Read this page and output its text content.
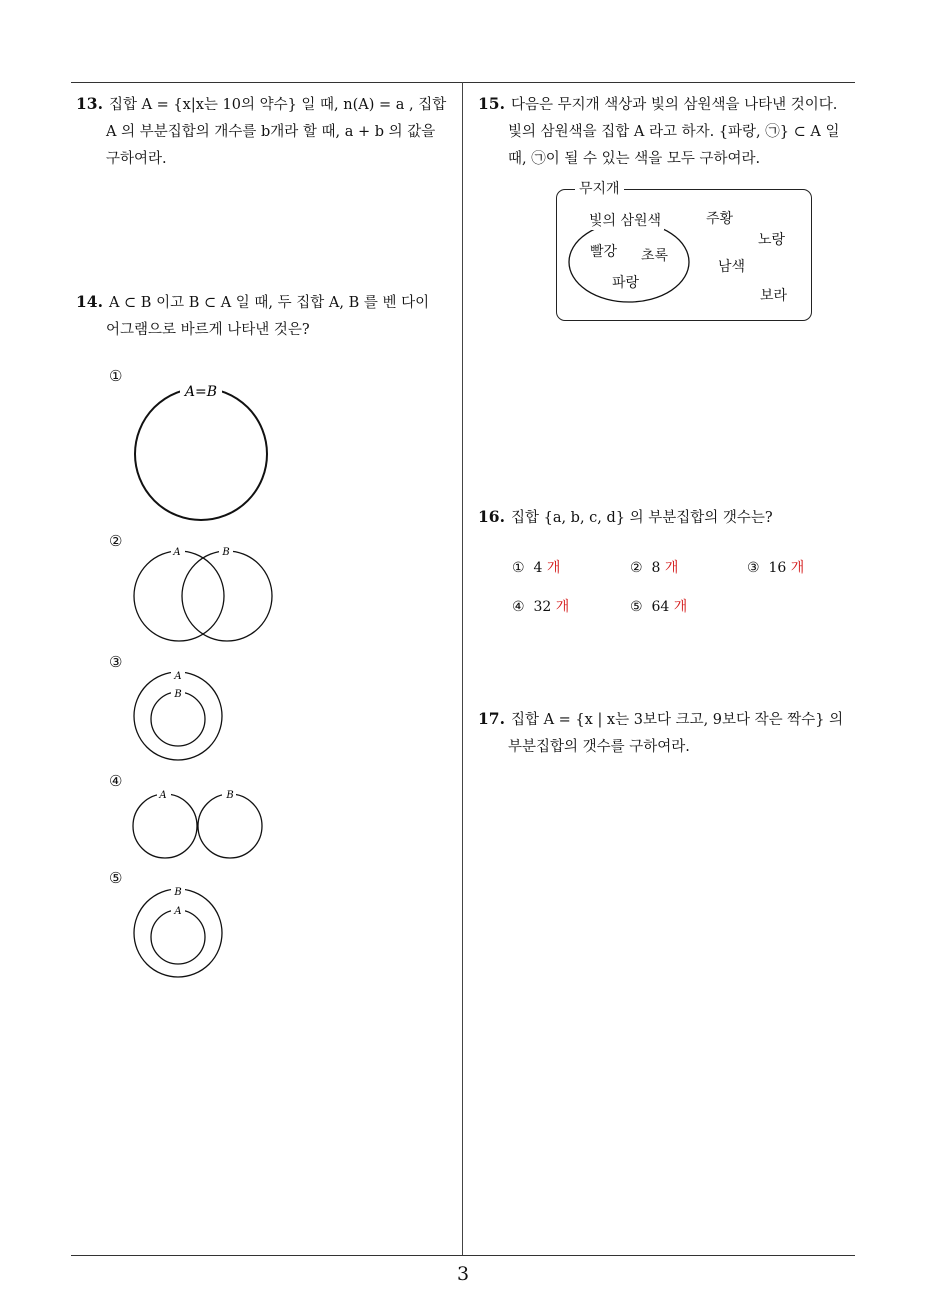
3
13. 집합 A = {x|x는 10의 약수} 일 때, n(A) = a , 집합
A 의 부분집합의 개수를 b개라 할 때, a + b 의 값을
구하여라.
14. A ⊂ B 이고 B ⊂ A 일 때, 두 집합 A, B 를 벤 다이
어그램으로 바르게 나타낸 것은?
①
A=B
②
A	B
③
A
B
④
A	B
⑤
B
A
15. 다음은 무지개 색상과 빛의 삼원색을 나타낸 것이다.
빛의 삼원색을 집합 A 라고 하자. {파랑, ㉠} ⊂ A 일
때, ㉠이 될 수 있는 색을 모두 구하여라.
무지개
빛의 삼원색
빨강 초록
파랑
주황
노랑
남색
보라
16. 집합 {a, b, c, d} 의 부분집합의 갯수는?
① 4 개	② 8 개	③ 16 개
④ 32 개	⑤ 64 개
17. 집합 A = {x | x는 3보다 크고, 9보다 작은 짝수} 의
부분집합의 갯수를 구하여라.
